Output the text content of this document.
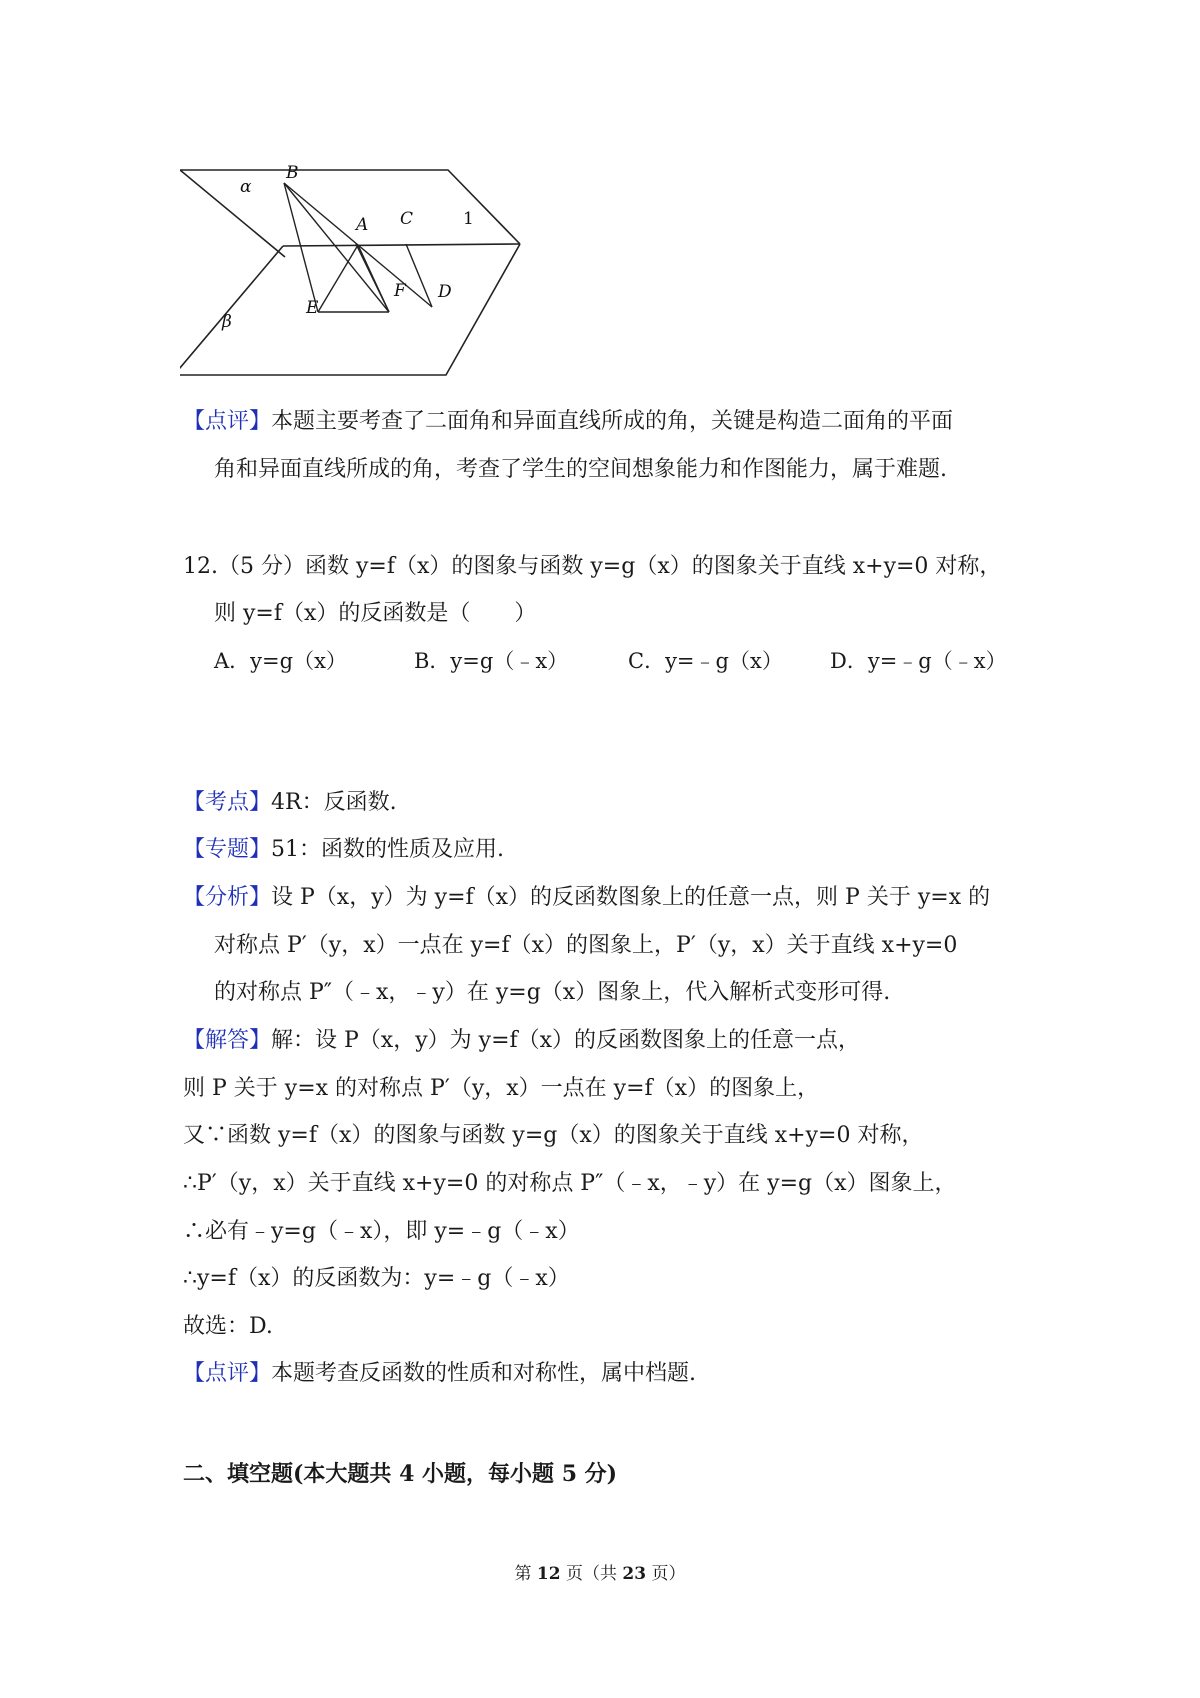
B
α
A C	1
E
F D
β
【点评】本题主要考查了二面角和异面直线所成的角，关键是构造二面角的平面
角和异面直线所成的角，考查了学生的空间想象能力和作图能力，属于难题.
12.（5 分）函数 y=f（x）的图象与函数 y=g（x）的图象关于直线 x+y=0 对称，
则 y=f（x）的反函数是（　　）
A．y=g（x）	B．y=g（﹣x）	C．y=﹣g（x） D．y=﹣g（﹣x）
【考点】4R：反函数.
【专题】51：函数的性质及应用.
【分析】设 P（x，y）为 y=f（x）的反函数图象上的任意一点，则 P 关于 y=x 的
对称点 P′（y，x）一点在 y=f（x）的图象上，P′（y，x）关于直线 x+y=0
的对称点 P″（﹣x，﹣y）在 y=g（x）图象上，代入解析式变形可得.
【解答】解：设 P（x，y）为 y=f（x）的反函数图象上的任意一点，
则 P 关于 y=x 的对称点 P′（y，x）一点在 y=f（x）的图象上，
又∵函数 y=f（x）的图象与函数 y=g（x）的图象关于直线 x+y=0 对称，
∴P′（y，x）关于直线 x+y=0 的对称点 P″（﹣x，﹣y）在 y=g（x）图象上，
∴必有﹣y=g（﹣x），即 y=﹣g（﹣x）
∴y=f（x）的反函数为：y=﹣g（﹣x）
故选：D.
【点评】本题考查反函数的性质和对称性，属中档题.
二、填空题(本大题共 4 小题，每小题 5 分)
第 12 页（共 23 页）
